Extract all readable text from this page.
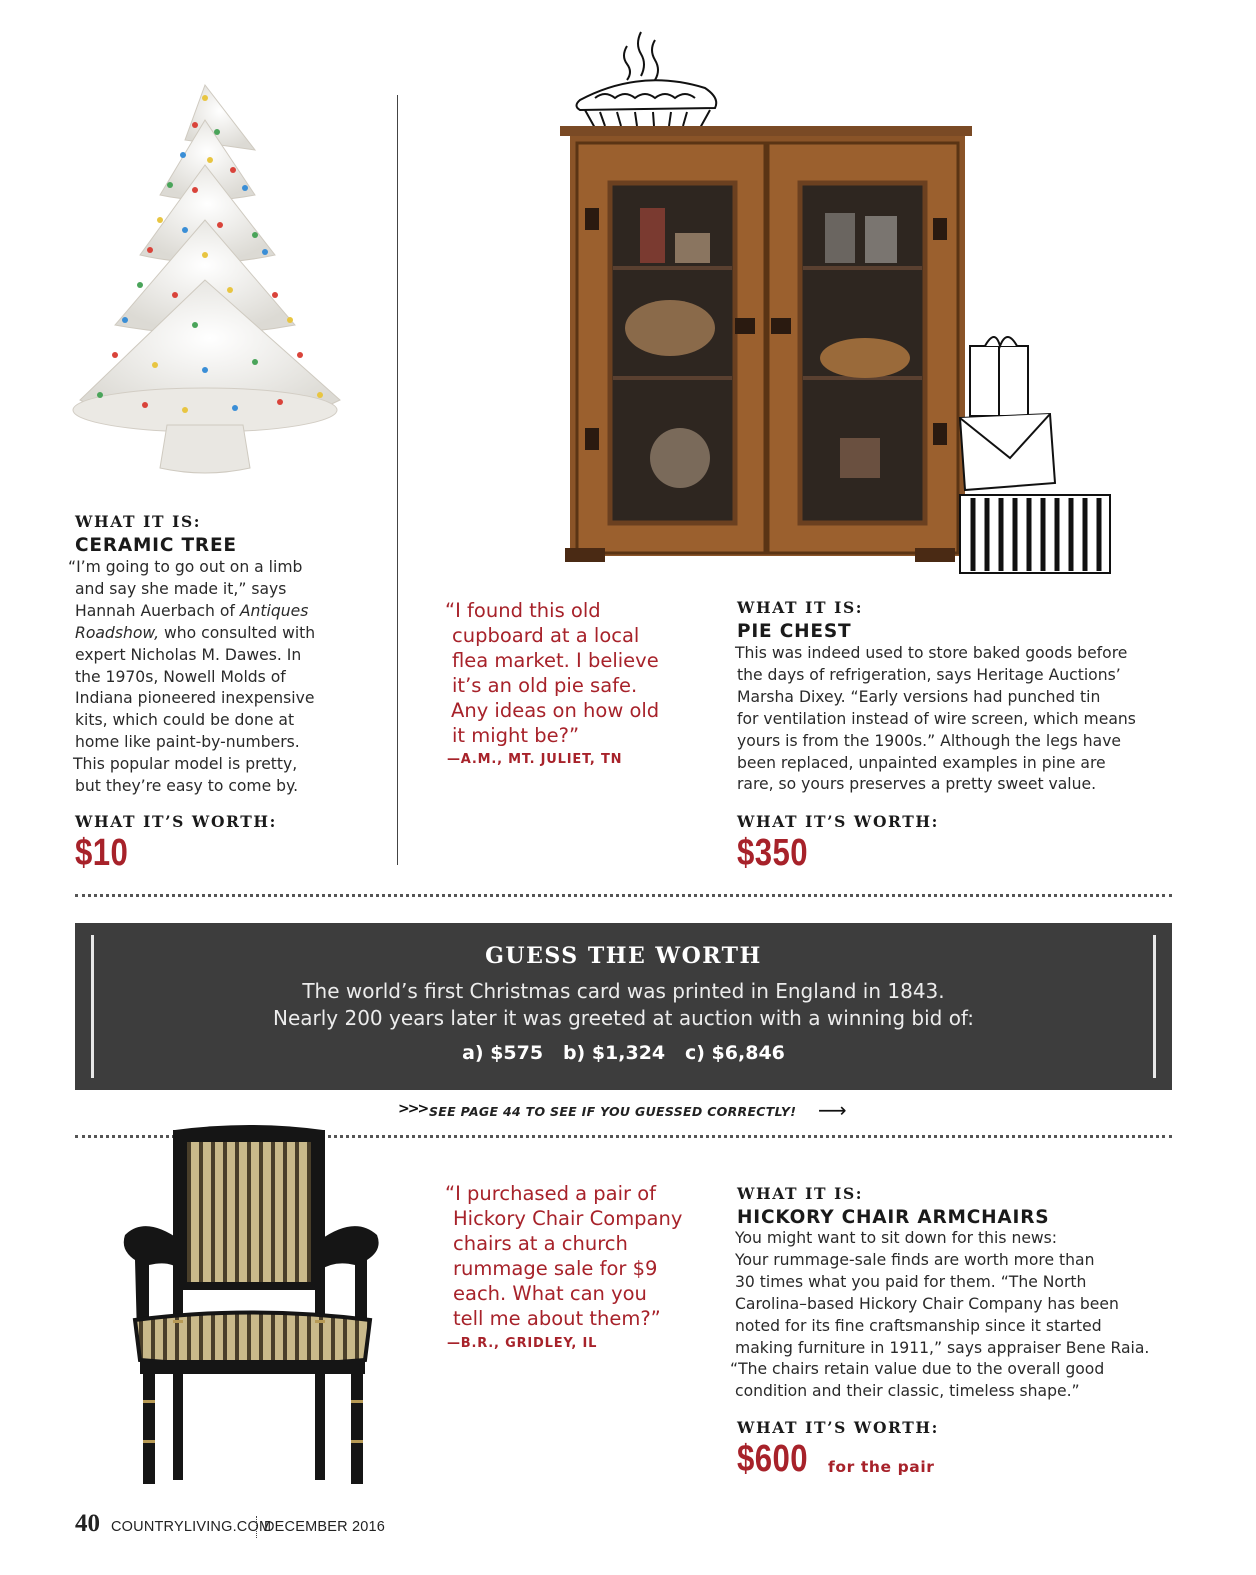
WHAT IT IS:
CERAMIC TREE
“I’m going to go out on a limb
and say she made it,” says
Hannah Auerbach of Antiques
Roadshow, who consulted with
expert Nicholas M. Dawes. In
the 1970s, Nowell Molds of
Indiana pioneered inexpensive
kits, which could be done at
home like paint-by-numbers.
This popular model is pretty,
but they’re easy to come by.
WHAT IT’S WORTH:
$10
“I found this old
cupboard at a local
flea market. I believe
it’s an old pie safe.
Any ideas on how old
it might be?”
—A.M., MT. JULIET, TN
WHAT IT IS:
PIE CHEST
This was indeed used to store baked goods before
the days of refrigeration, says Heritage Auctions’
Marsha Dixey. “Early versions had punched tin
for ventilation instead of wire screen, which means
yours is from the 1900s.” Although the legs have
been replaced, unpainted examples in pine are
rare, so yours preserves a pretty sweet value.
WHAT IT’S WORTH:
$350
GUESS THE WORTH
The world’s first Christmas card was printed in England in 1843.
Nearly 200 years later it was greeted at auction with a winning bid of:
a) $575   b) $1,324   c) $6,846
>>> SEE PAGE 44 TO SEE IF YOU GUESSED CORRECTLY! ⟶
“I purchased a pair of
Hickory Chair Company
chairs at a church
rummage sale for $9
each. What can you
tell me about them?”
—B.R., GRIDLEY, IL
WHAT IT IS:
HICKORY CHAIR ARMCHAIRS
You might want to sit down for this news:
Your rummage-sale finds are worth more than
30 times what you paid for them. “The North
Carolina–based Hickory Chair Company has been
noted for its fine craftsmanship since it started
making furniture in 1911,” says appraiser Bene Raia.
“The chairs retain value due to the overall good
condition and their classic, timeless shape.”
WHAT IT’S WORTH:
$600 for the pair
40 COUNTRYLIVING.COM
DECEMBER 2016
